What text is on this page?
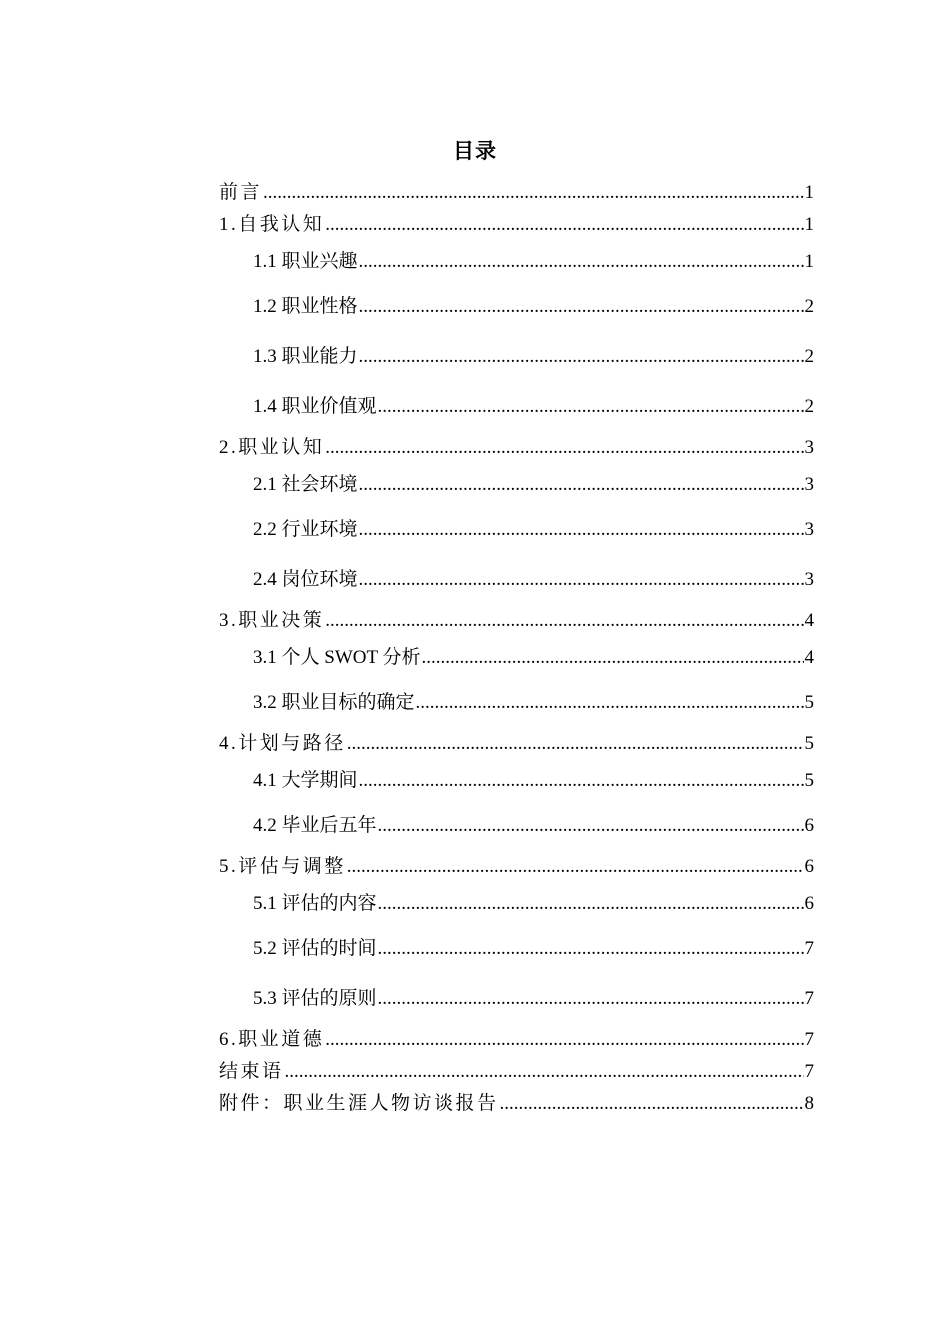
目录
前言 .....	1
1.自我认知 .....	1
1.1 职业兴趣 .....	1
1.2 职业性格 .....	2
1.3 职业能力 .....	2
1.4 职业价值观 .....	2
2.职业认知 .....	3
2.1 社会环境 .....	3
2.2 行业环境 .....	3
2.4 岗位环境 .....	3
3.职业决策 .....	4
3.1 个人 SWOT 分析 .....	4
3.2 职业目标的确定 .....	5
4.计划与路径 .....	5
4.1 大学期间 .....	5
4.2 毕业后五年 .....	6
5.评估与调整 .....	6
5.1 评估的内容 .....	6
5.2 评估的时间 .....	7
5.3 评估的原则 .....	7
6.职业道德 .....	7
结束语 .....	7
附件：职业生涯人物访谈报告 .....	8
